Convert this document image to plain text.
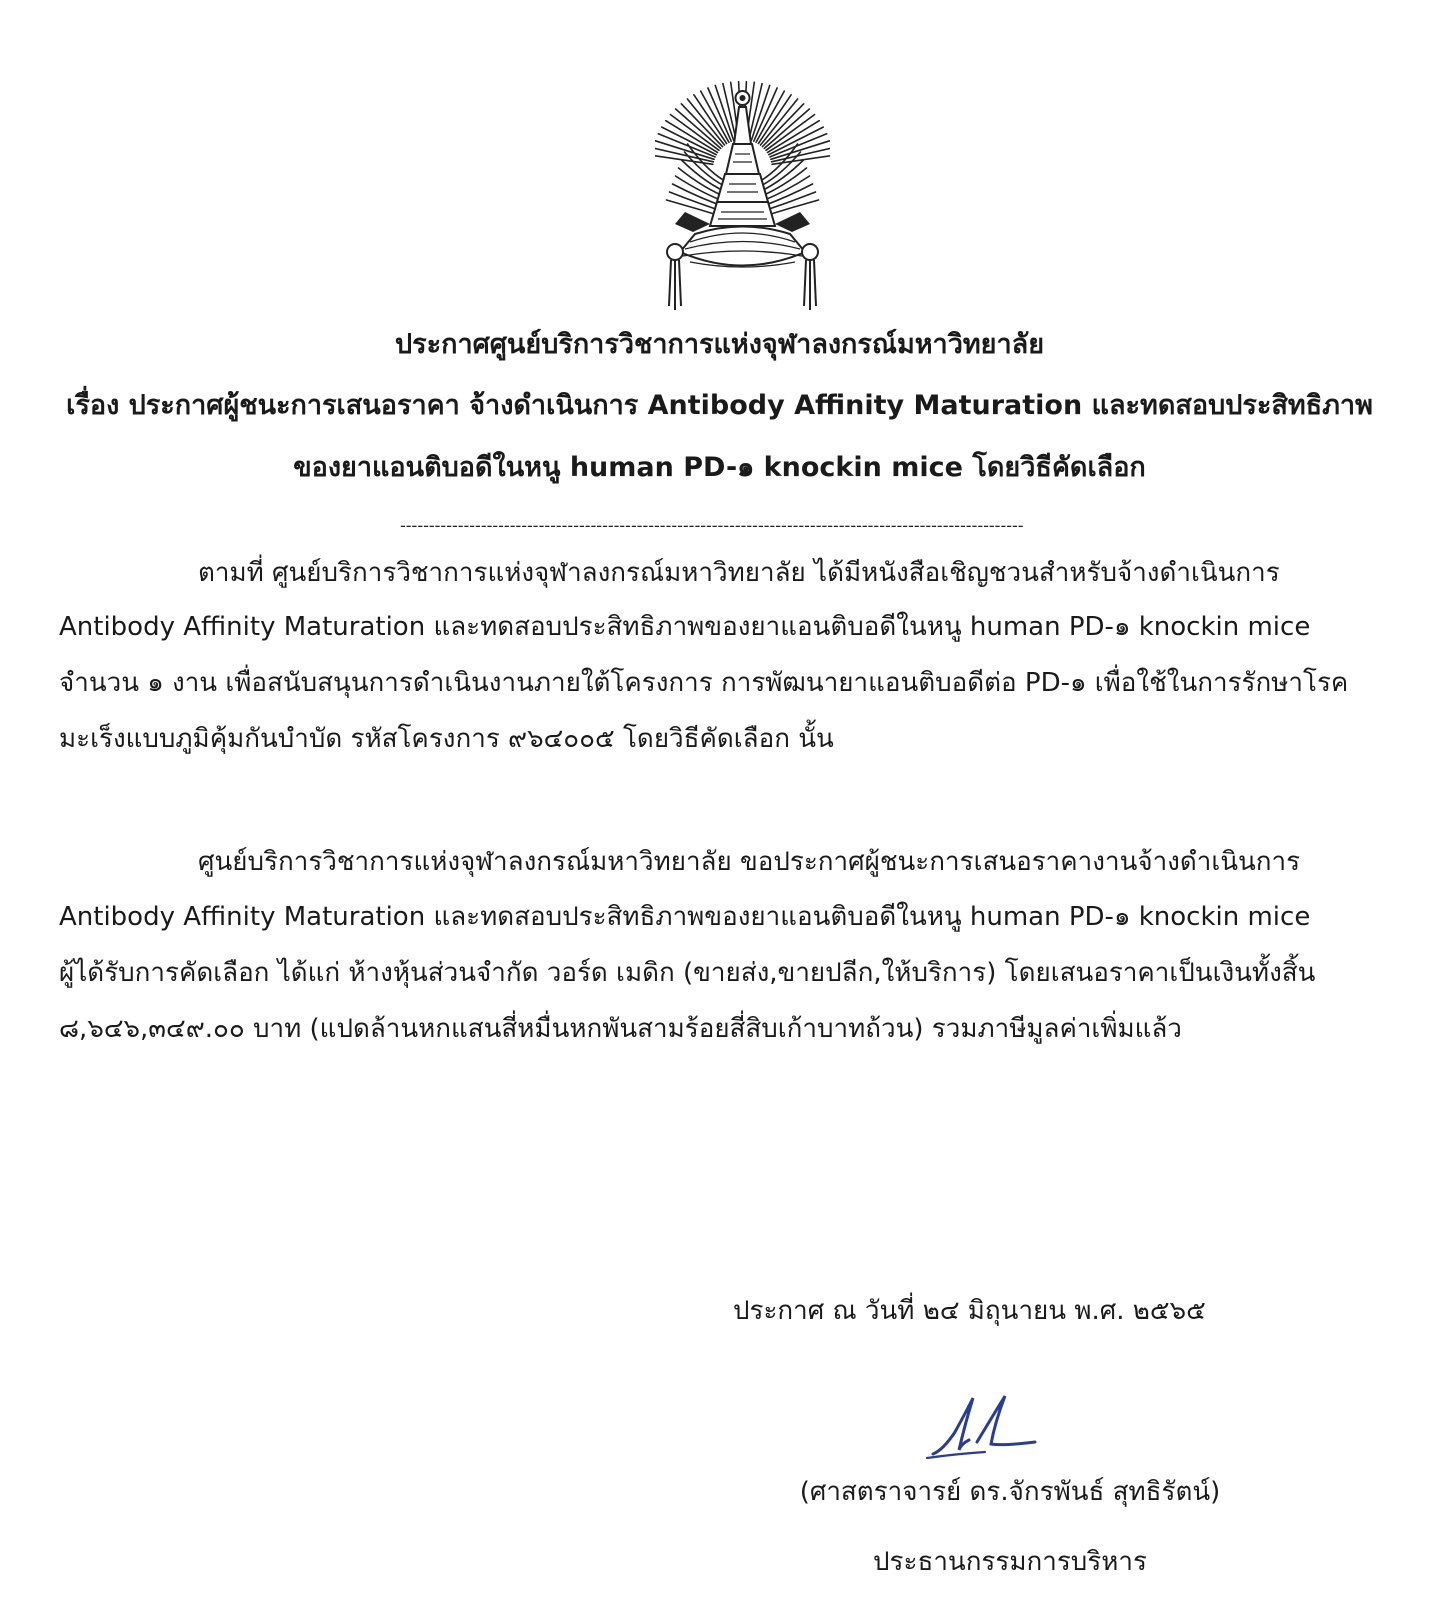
ประกาศศูนย์บริการวิชาการแห่งจุฬาลงกรณ์มหาวิทยาลัย
เรื่อง ประกาศผู้ชนะการเสนอราคา จ้างดำเนินการ Antibody Affinity Maturation และทดสอบประสิทธิภาพ
ของยาแอนติบอดีในหนู human PD-๑ knockin mice โดยวิธีคัดเลือก
------------------------------------------------------------------------------------------------------------
ตามที่ ศูนย์บริการวิชาการแห่งจุฬาลงกรณ์มหาวิทยาลัย ได้มีหนังสือเชิญชวนสำหรับจ้างดำเนินการ
Antibody Affinity Maturation และทดสอบประสิทธิภาพของยาแอนติบอดีในหนู human PD-๑ knockin mice
จำนวน ๑ งาน เพื่อสนับสนุนการดำเนินงานภายใต้โครงการ การพัฒนายาแอนติบอดีต่อ PD-๑ เพื่อใช้ในการรักษาโรค
มะเร็งแบบภูมิคุ้มกันบำบัด รหัสโครงการ ๙๖๔๐๐๕ โดยวิธีคัดเลือก นั้น
ศูนย์บริการวิชาการแห่งจุฬาลงกรณ์มหาวิทยาลัย ขอประกาศผู้ชนะการเสนอราคางานจ้างดำเนินการ
Antibody Affinity Maturation และทดสอบประสิทธิภาพของยาแอนติบอดีในหนู human PD-๑ knockin mice
ผู้ได้รับการคัดเลือก ได้แก่ ห้างหุ้นส่วนจำกัด วอร์ด เมดิก (ขายส่ง,ขายปลีก,ให้บริการ) โดยเสนอราคาเป็นเงินทั้งสิ้น
๘,๖๔๖,๓๔๙.๐๐ บาท (แปดล้านหกแสนสี่หมื่นหกพันสามร้อยสี่สิบเก้าบาทถ้วน) รวมภาษีมูลค่าเพิ่มแล้ว
ประกาศ ณ วันที่ ๒๔ มิถุนายน พ.ศ. ๒๕๖๕
(ศาสตราจารย์ ดร.จักรพันธ์ สุทธิรัตน์)
ประธานกรรมการบริหาร
